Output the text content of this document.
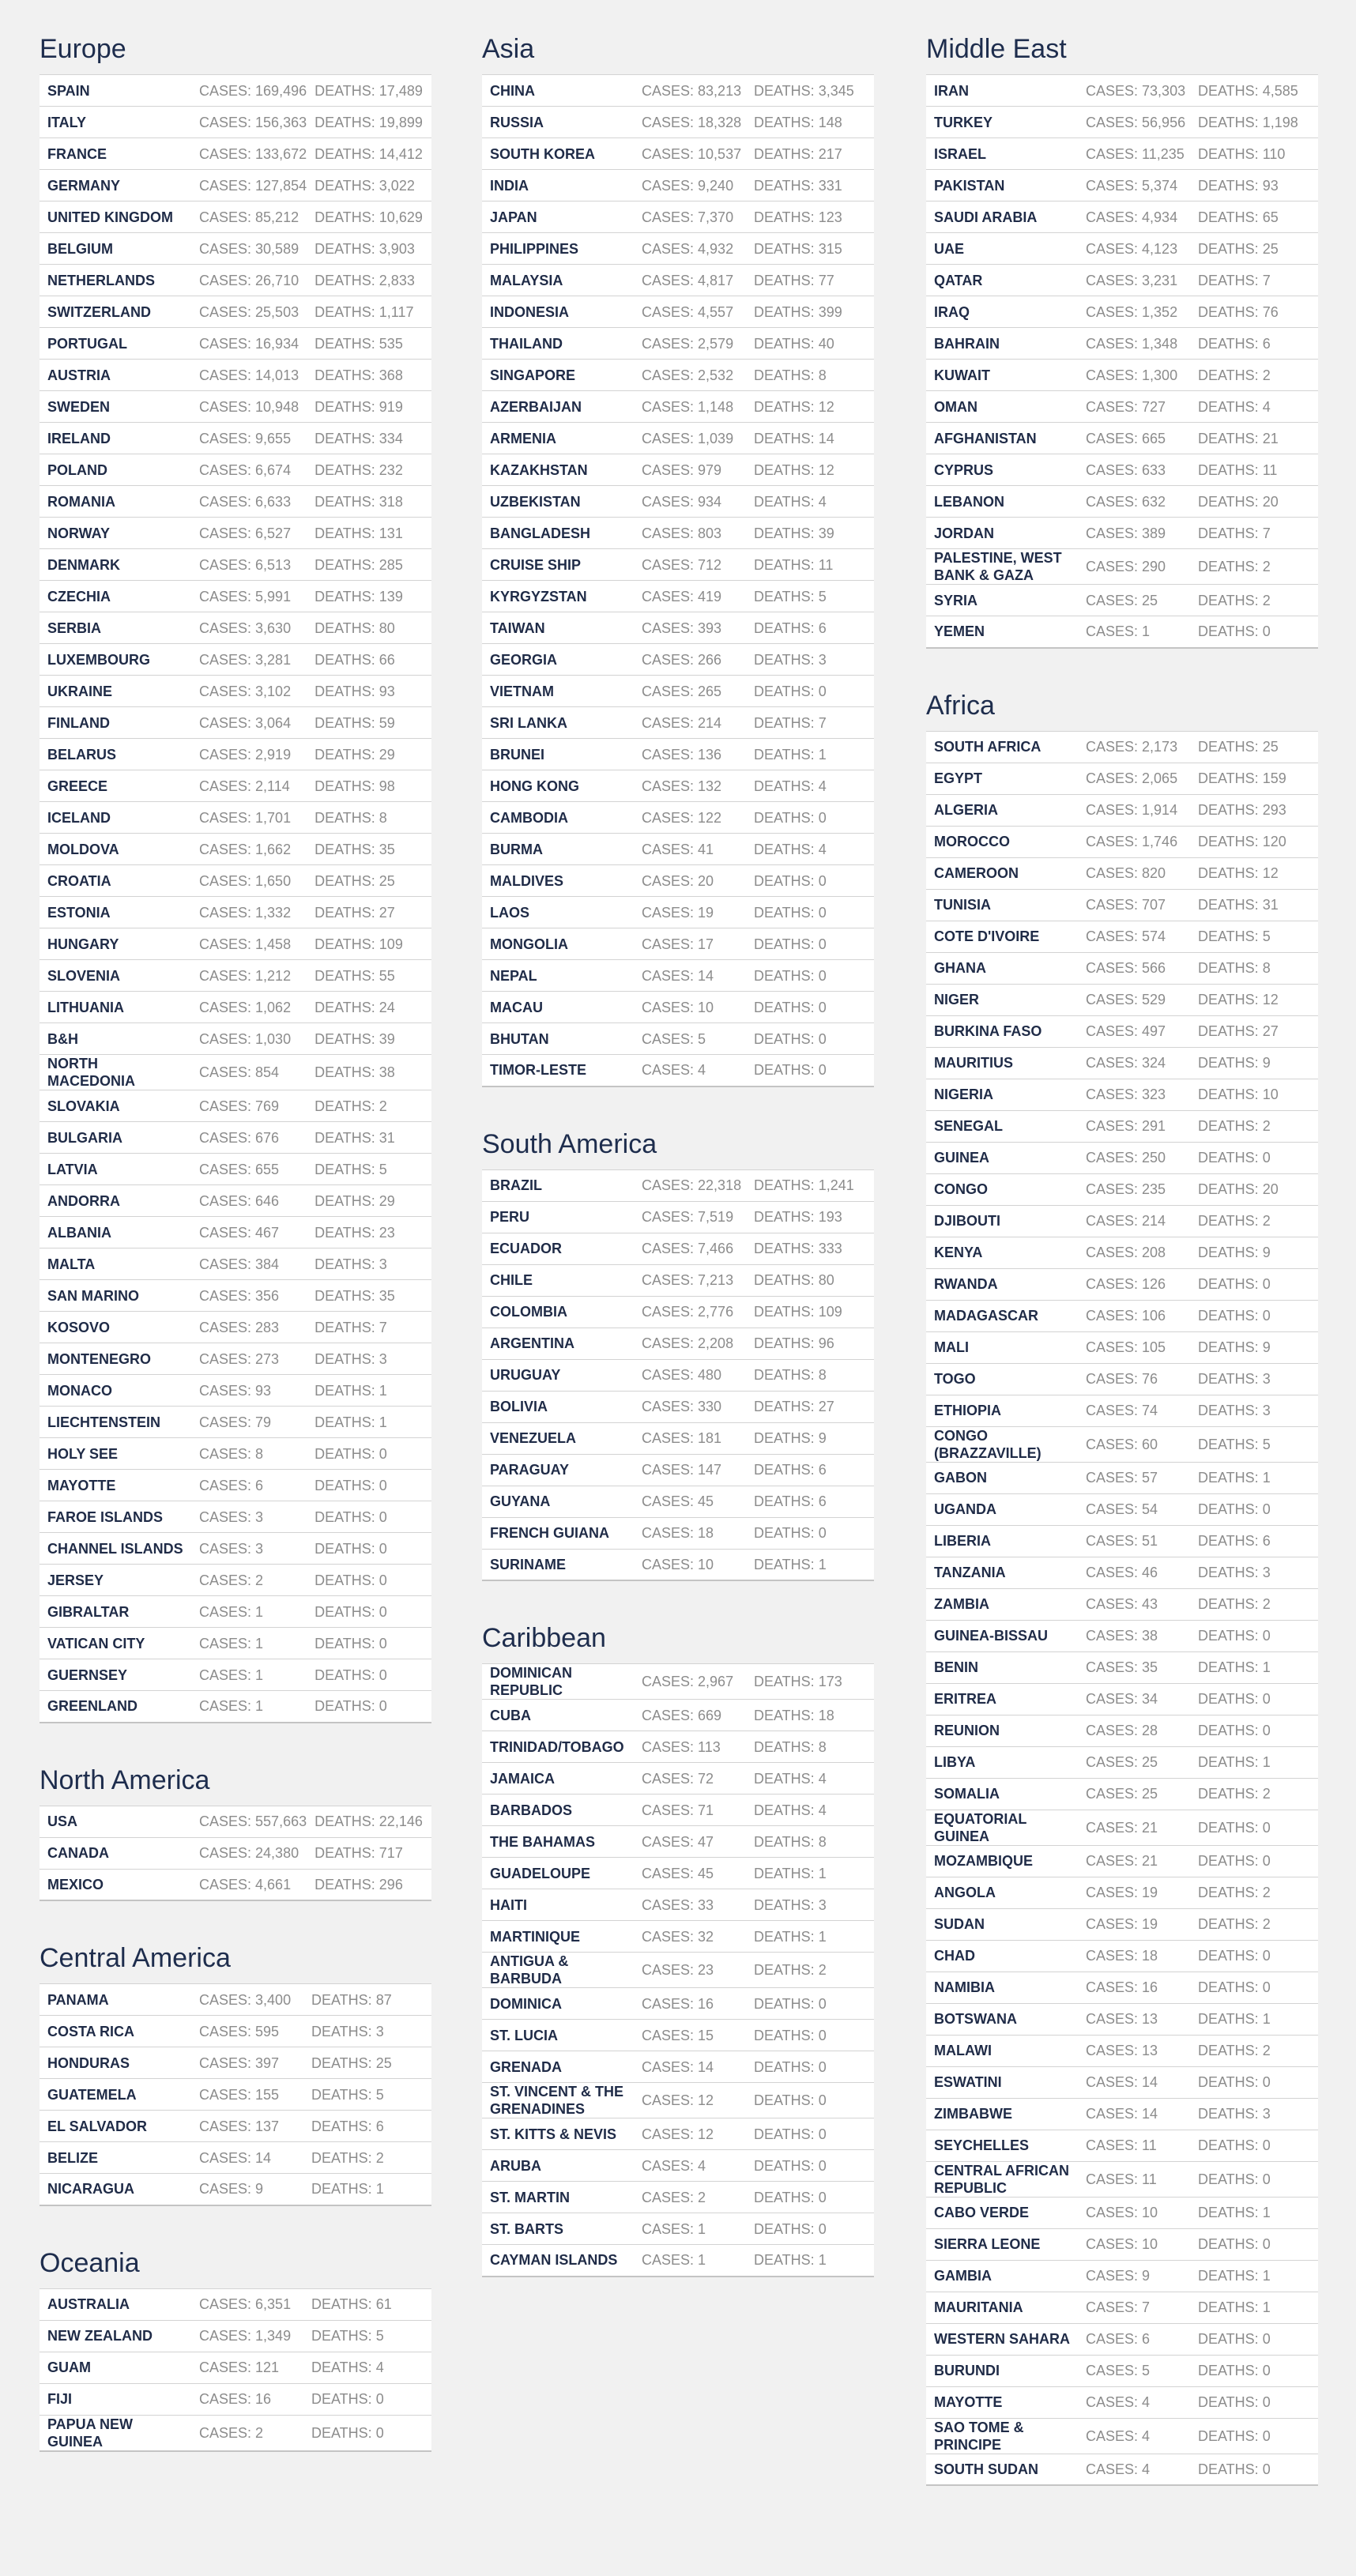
Europe
SPAIN	CASES: 169,496	DEATHS: 17,489
ITALY	CASES: 156,363	DEATHS: 19,899
FRANCE	CASES: 133,672	DEATHS: 14,412
GERMANY	CASES: 127,854	DEATHS: 3,022
UNITED KINGDOM	CASES: 85,212	DEATHS: 10,629
BELGIUM	CASES: 30,589	DEATHS: 3,903
NETHERLANDS	CASES: 26,710	DEATHS: 2,833
SWITZERLAND	CASES: 25,503	DEATHS: 1,117
PORTUGAL	CASES: 16,934	DEATHS: 535
AUSTRIA	CASES: 14,013	DEATHS: 368
SWEDEN	CASES: 10,948	DEATHS: 919
IRELAND	CASES: 9,655	DEATHS: 334
POLAND	CASES: 6,674	DEATHS: 232
ROMANIA	CASES: 6,633	DEATHS: 318
NORWAY	CASES: 6,527	DEATHS: 131
DENMARK	CASES: 6,513	DEATHS: 285
CZECHIA	CASES: 5,991	DEATHS: 139
SERBIA	CASES: 3,630	DEATHS: 80
LUXEMBOURG	CASES: 3,281	DEATHS: 66
UKRAINE	CASES: 3,102	DEATHS: 93
FINLAND	CASES: 3,064	DEATHS: 59
BELARUS	CASES: 2,919	DEATHS: 29
GREECE	CASES: 2,114	DEATHS: 98
ICELAND	CASES: 1,701	DEATHS: 8
MOLDOVA	CASES: 1,662	DEATHS: 35
CROATIA	CASES: 1,650	DEATHS: 25
ESTONIA	CASES: 1,332	DEATHS: 27
HUNGARY	CASES: 1,458	DEATHS: 109
SLOVENIA	CASES: 1,212	DEATHS: 55
LITHUANIA	CASES: 1,062	DEATHS: 24
B&H	CASES: 1,030	DEATHS: 39
NORTH MACEDONIA	CASES: 854	DEATHS: 38
SLOVAKIA	CASES: 769	DEATHS: 2
BULGARIA	CASES: 676	DEATHS: 31
LATVIA	CASES: 655	DEATHS: 5
ANDORRA	CASES: 646	DEATHS: 29
ALBANIA	CASES: 467	DEATHS: 23
MALTA	CASES: 384	DEATHS: 3
SAN MARINO	CASES: 356	DEATHS: 35
KOSOVO	CASES: 283	DEATHS: 7
MONTENEGRO	CASES: 273	DEATHS: 3
MONACO	CASES: 93	DEATHS: 1
LIECHTENSTEIN	CASES: 79	DEATHS: 1
HOLY SEE	CASES: 8	DEATHS: 0
MAYOTTE	CASES: 6	DEATHS: 0
FAROE ISLANDS	CASES: 3	DEATHS: 0
CHANNEL ISLANDS	CASES: 3	DEATHS: 0
JERSEY	CASES: 2	DEATHS: 0
GIBRALTAR	CASES: 1	DEATHS: 0
VATICAN CITY	CASES: 1	DEATHS: 0
GUERNSEY	CASES: 1	DEATHS: 0
GREENLAND	CASES: 1	DEATHS: 0
North America
USA	CASES: 557,663	DEATHS: 22,146
CANADA	CASES: 24,380	DEATHS: 717
MEXICO	CASES: 4,661	DEATHS: 296
Central America
PANAMA	CASES: 3,400	DEATHS: 87
COSTA RICA	CASES: 595	DEATHS: 3
HONDURAS	CASES: 397	DEATHS: 25
GUATEMELA	CASES: 155	DEATHS: 5
EL SALVADOR	CASES: 137	DEATHS: 6
BELIZE	CASES: 14	DEATHS: 2
NICARAGUA	CASES: 9	DEATHS: 1
Oceania
AUSTRALIA	CASES: 6,351	DEATHS: 61
NEW ZEALAND	CASES: 1,349	DEATHS: 5
GUAM	CASES: 121	DEATHS: 4
FIJI	CASES: 16	DEATHS: 0
PAPUA NEW GUINEA	CASES: 2	DEATHS: 0
Asia
CHINA	CASES: 83,213	DEATHS: 3,345
RUSSIA	CASES: 18,328	DEATHS: 148
SOUTH KOREA	CASES: 10,537	DEATHS: 217
INDIA	CASES: 9,240	DEATHS: 331
JAPAN	CASES: 7,370	DEATHS: 123
PHILIPPINES	CASES: 4,932	DEATHS: 315
MALAYSIA	CASES: 4,817	DEATHS: 77
INDONESIA	CASES: 4,557	DEATHS: 399
THAILAND	CASES: 2,579	DEATHS: 40
SINGAPORE	CASES: 2,532	DEATHS: 8
AZERBAIJAN	CASES: 1,148	DEATHS: 12
ARMENIA	CASES: 1,039	DEATHS: 14
KAZAKHSTAN	CASES: 979	DEATHS: 12
UZBEKISTAN	CASES: 934	DEATHS: 4
BANGLADESH	CASES: 803	DEATHS: 39
CRUISE SHIP	CASES: 712	DEATHS: 11
KYRGYZSTAN	CASES: 419	DEATHS: 5
TAIWAN	CASES: 393	DEATHS: 6
GEORGIA	CASES: 266	DEATHS: 3
VIETNAM	CASES: 265	DEATHS: 0
SRI LANKA	CASES: 214	DEATHS: 7
BRUNEI	CASES: 136	DEATHS: 1
HONG KONG	CASES: 132	DEATHS: 4
CAMBODIA	CASES: 122	DEATHS: 0
BURMA	CASES: 41	DEATHS: 4
MALDIVES	CASES: 20	DEATHS: 0
LAOS	CASES: 19	DEATHS: 0
MONGOLIA	CASES: 17	DEATHS: 0
NEPAL	CASES: 14	DEATHS: 0
MACAU	CASES: 10	DEATHS: 0
BHUTAN	CASES: 5	DEATHS: 0
TIMOR-LESTE	CASES: 4	DEATHS: 0
South America
BRAZIL	CASES: 22,318	DEATHS: 1,241
PERU	CASES: 7,519	DEATHS: 193
ECUADOR	CASES: 7,466	DEATHS: 333
CHILE	CASES: 7,213	DEATHS: 80
COLOMBIA	CASES: 2,776	DEATHS: 109
ARGENTINA	CASES: 2,208	DEATHS: 96
URUGUAY	CASES: 480	DEATHS: 8
BOLIVIA	CASES: 330	DEATHS: 27
VENEZUELA	CASES: 181	DEATHS: 9
PARAGUAY	CASES: 147	DEATHS: 6
GUYANA	CASES: 45	DEATHS: 6
FRENCH GUIANA	CASES: 18	DEATHS: 0
SURINAME	CASES: 10	DEATHS: 1
Caribbean
DOMINICAN REPUBLIC	CASES: 2,967	DEATHS: 173
CUBA	CASES: 669	DEATHS: 18
TRINIDAD/TOBAGO	CASES: 113	DEATHS: 8
JAMAICA	CASES: 72	DEATHS: 4
BARBADOS	CASES: 71	DEATHS: 4
THE BAHAMAS	CASES: 47	DEATHS: 8
GUADELOUPE	CASES: 45	DEATHS: 1
HAITI	CASES: 33	DEATHS: 3
MARTINIQUE	CASES: 32	DEATHS: 1
ANTIGUA & BARBUDA	CASES: 23	DEATHS: 2
DOMINICA	CASES: 16	DEATHS: 0
ST. LUCIA	CASES: 15	DEATHS: 0
GRENADA	CASES: 14	DEATHS: 0
ST. VINCENT & THE GRENADINES	CASES: 12	DEATHS: 0
ST. KITTS & NEVIS	CASES: 12	DEATHS: 0
ARUBA	CASES: 4	DEATHS: 0
ST. MARTIN	CASES: 2	DEATHS: 0
ST. BARTS	CASES: 1	DEATHS: 0
CAYMAN ISLANDS	CASES: 1	DEATHS: 1
Middle East
IRAN	CASES: 73,303	DEATHS: 4,585
TURKEY	CASES: 56,956	DEATHS: 1,198
ISRAEL	CASES: 11,235	DEATHS: 110
PAKISTAN	CASES: 5,374	DEATHS: 93
SAUDI ARABIA	CASES: 4,934	DEATHS: 65
UAE	CASES: 4,123	DEATHS: 25
QATAR	CASES: 3,231	DEATHS: 7
IRAQ	CASES: 1,352	DEATHS: 76
BAHRAIN	CASES: 1,348	DEATHS: 6
KUWAIT	CASES: 1,300	DEATHS: 2
OMAN	CASES: 727	DEATHS: 4
AFGHANISTAN	CASES: 665	DEATHS: 21
CYPRUS	CASES: 633	DEATHS: 11
LEBANON	CASES: 632	DEATHS: 20
JORDAN	CASES: 389	DEATHS: 7
PALESTINE, WEST BANK & GAZA	CASES: 290	DEATHS: 2
SYRIA	CASES: 25	DEATHS: 2
YEMEN	CASES: 1	DEATHS: 0
Africa
SOUTH AFRICA	CASES: 2,173	DEATHS: 25
EGYPT	CASES: 2,065	DEATHS: 159
ALGERIA	CASES: 1,914	DEATHS: 293
MOROCCO	CASES: 1,746	DEATHS: 120
CAMEROON	CASES: 820	DEATHS: 12
TUNISIA	CASES: 707	DEATHS: 31
COTE D'IVOIRE	CASES: 574	DEATHS: 5
GHANA	CASES: 566	DEATHS: 8
NIGER	CASES: 529	DEATHS: 12
BURKINA FASO	CASES: 497	DEATHS: 27
MAURITIUS	CASES: 324	DEATHS: 9
NIGERIA	CASES: 323	DEATHS: 10
SENEGAL	CASES: 291	DEATHS: 2
GUINEA	CASES: 250	DEATHS: 0
CONGO	CASES: 235	DEATHS: 20
DJIBOUTI	CASES: 214	DEATHS: 2
KENYA	CASES: 208	DEATHS: 9
RWANDA	CASES: 126	DEATHS: 0
MADAGASCAR	CASES: 106	DEATHS: 0
MALI	CASES: 105	DEATHS: 9
TOGO	CASES: 76	DEATHS: 3
ETHIOPIA	CASES: 74	DEATHS: 3
CONGO (BRAZZAVILLE)	CASES: 60	DEATHS: 5
GABON	CASES: 57	DEATHS: 1
UGANDA	CASES: 54	DEATHS: 0
LIBERIA	CASES: 51	DEATHS: 6
TANZANIA	CASES: 46	DEATHS: 3
ZAMBIA	CASES: 43	DEATHS: 2
GUINEA-BISSAU	CASES: 38	DEATHS: 0
BENIN	CASES: 35	DEATHS: 1
ERITREA	CASES: 34	DEATHS: 0
REUNION	CASES: 28	DEATHS: 0
LIBYA	CASES: 25	DEATHS: 1
SOMALIA	CASES: 25	DEATHS: 2
EQUATORIAL GUINEA	CASES: 21	DEATHS: 0
MOZAMBIQUE	CASES: 21	DEATHS: 0
ANGOLA	CASES: 19	DEATHS: 2
SUDAN	CASES: 19	DEATHS: 2
CHAD	CASES: 18	DEATHS: 0
NAMIBIA	CASES: 16	DEATHS: 0
BOTSWANA	CASES: 13	DEATHS: 1
MALAWI	CASES: 13	DEATHS: 2
ESWATINI	CASES: 14	DEATHS: 0
ZIMBABWE	CASES: 14	DEATHS: 3
SEYCHELLES	CASES: 11	DEATHS: 0
CENTRAL AFRICAN REPUBLIC	CASES: 11	DEATHS: 0
CABO VERDE	CASES: 10	DEATHS: 1
SIERRA LEONE	CASES: 10	DEATHS: 0
GAMBIA	CASES: 9	DEATHS: 1
MAURITANIA	CASES: 7	DEATHS: 1
WESTERN SAHARA	CASES: 6	DEATHS: 0
BURUNDI	CASES: 5	DEATHS: 0
MAYOTTE	CASES: 4	DEATHS: 0
SAO TOME & PRINCIPE	CASES: 4	DEATHS: 0
SOUTH SUDAN	CASES: 4	DEATHS: 0
